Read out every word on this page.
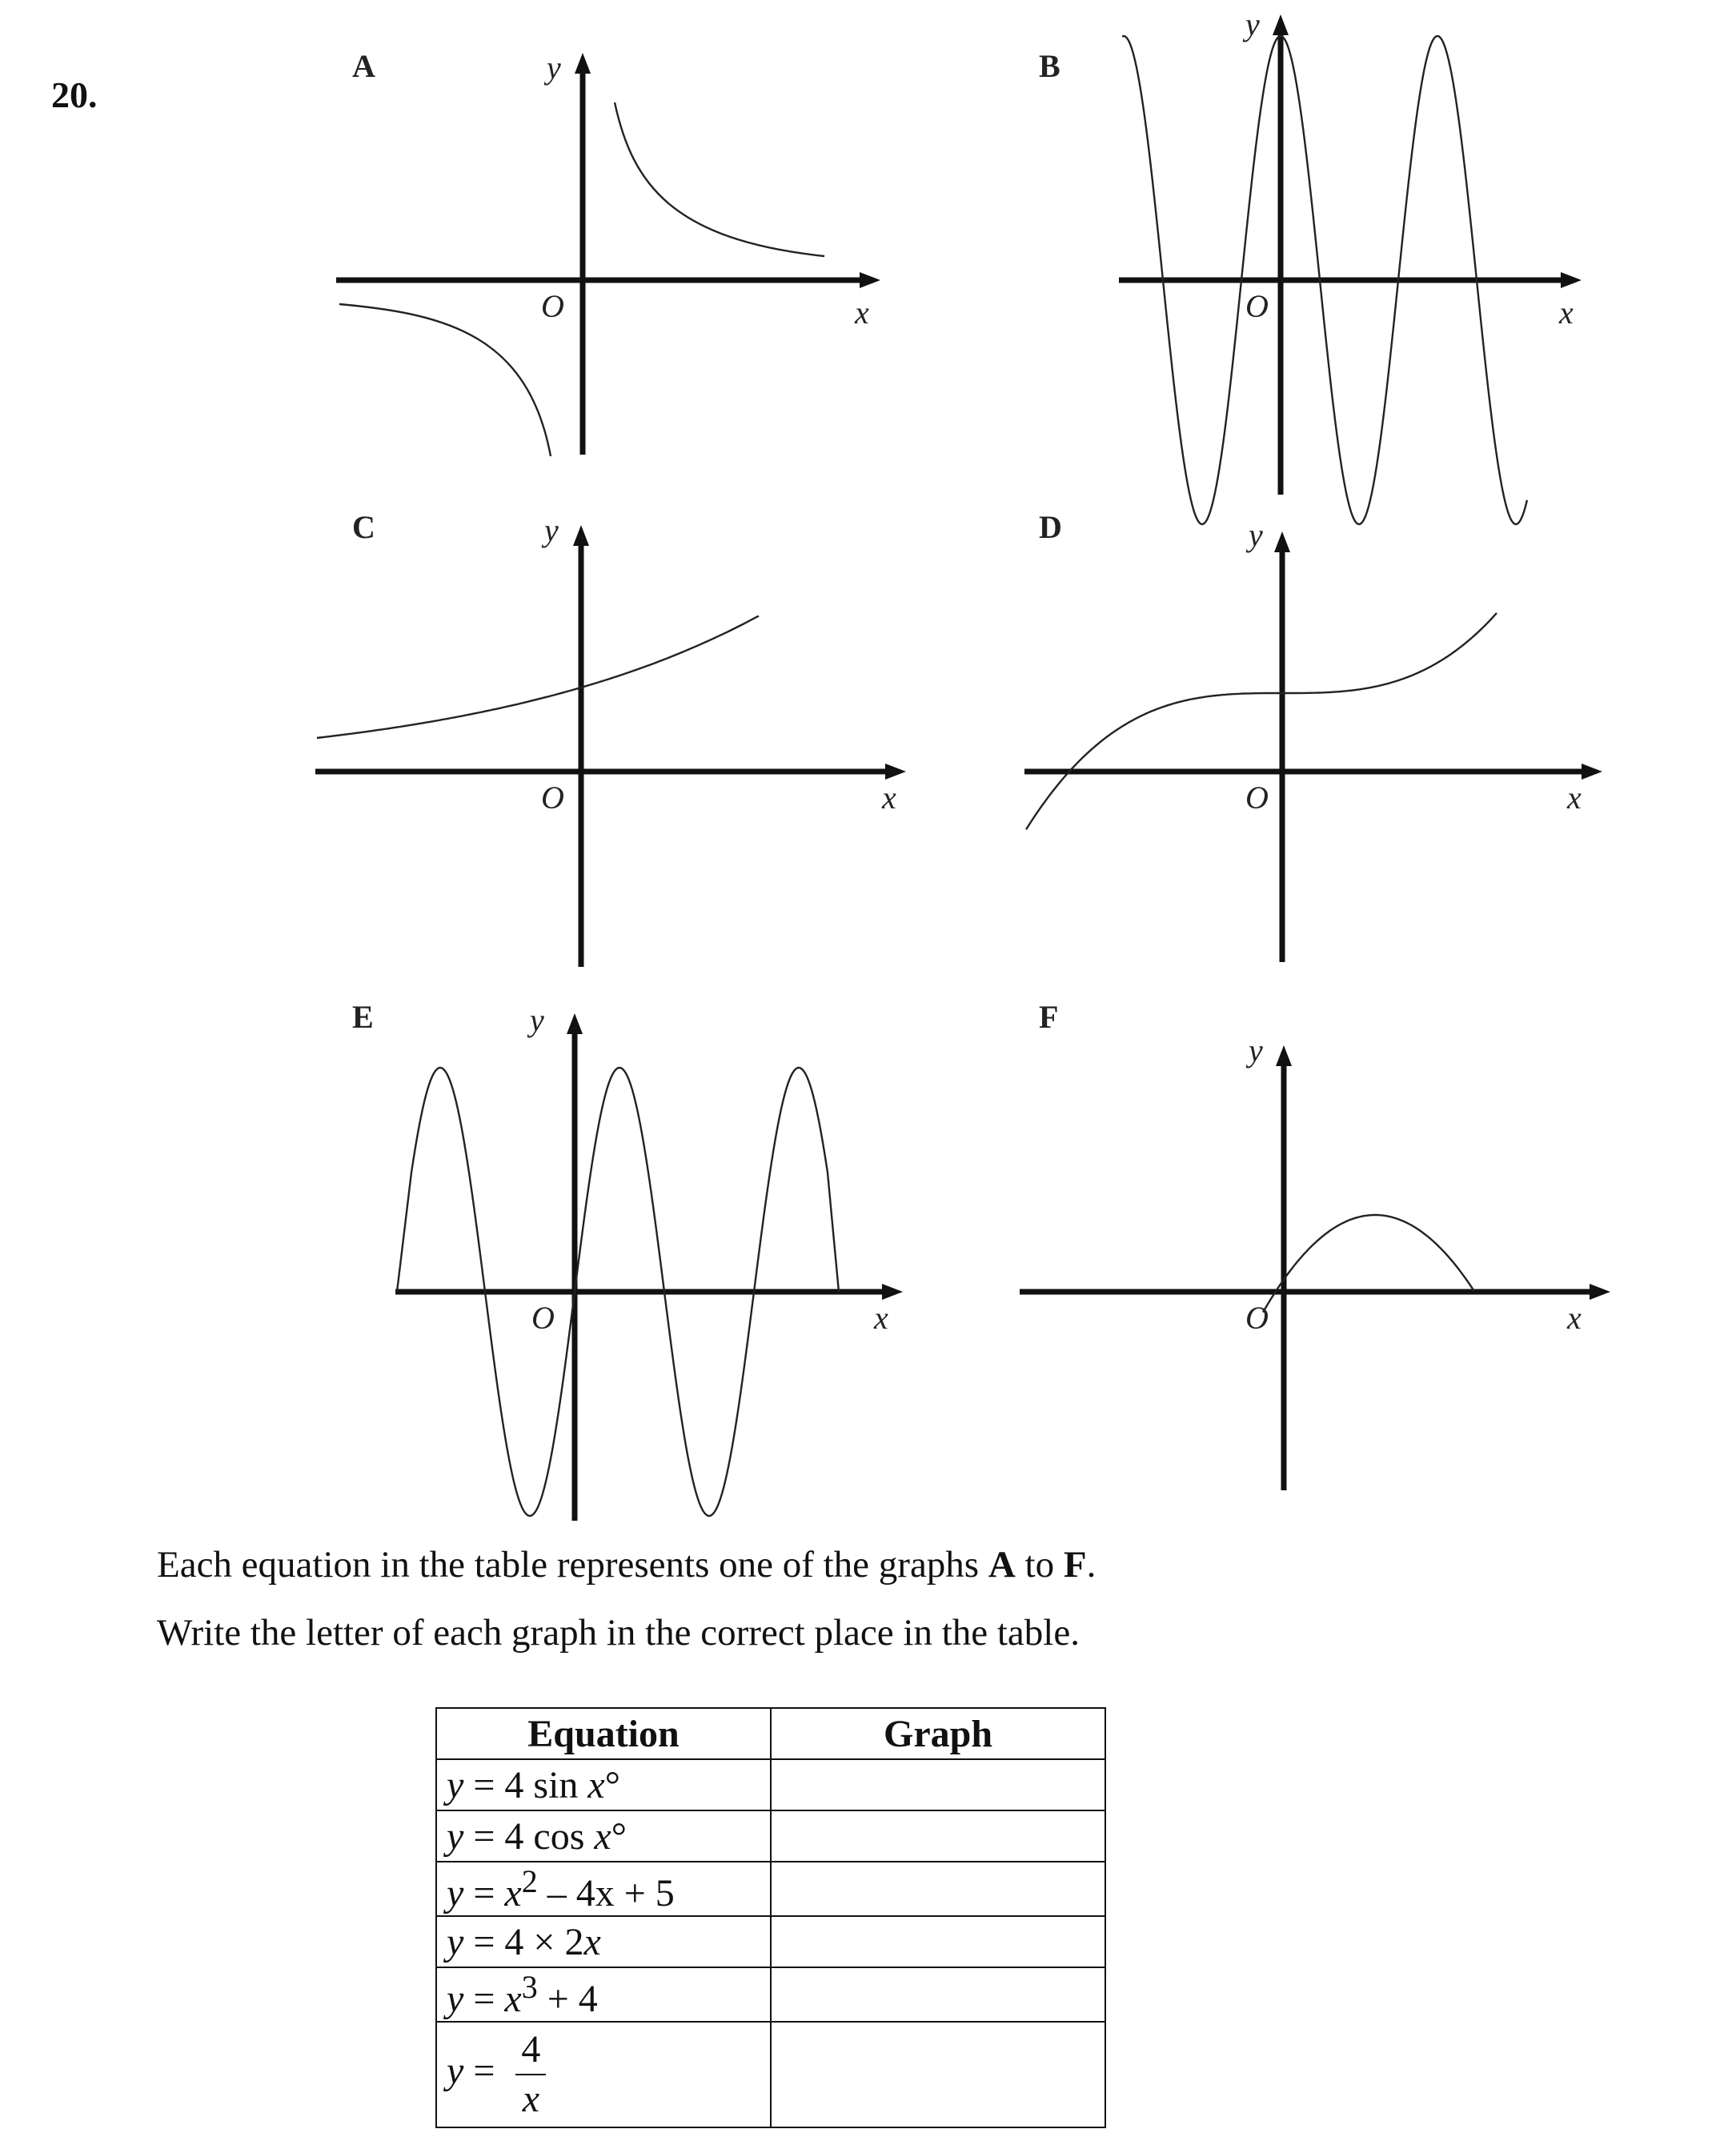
20.
A	y
x
O
B
y
x
O
C	y
x
O
D	y
x
O
E	y
x
O
F
y
x
O
Each equation in the table represents one of the graphs A to F.
Write the letter of each graph in the correct place in the table.
Equation	Graph
y = 4 sin x°	
y = 4 cos x°	
$y = x^2 - 4x + 5$	
y = 4 × 2x	
$y = x^3 + 4$	
$y = \frac{4}{x}$
